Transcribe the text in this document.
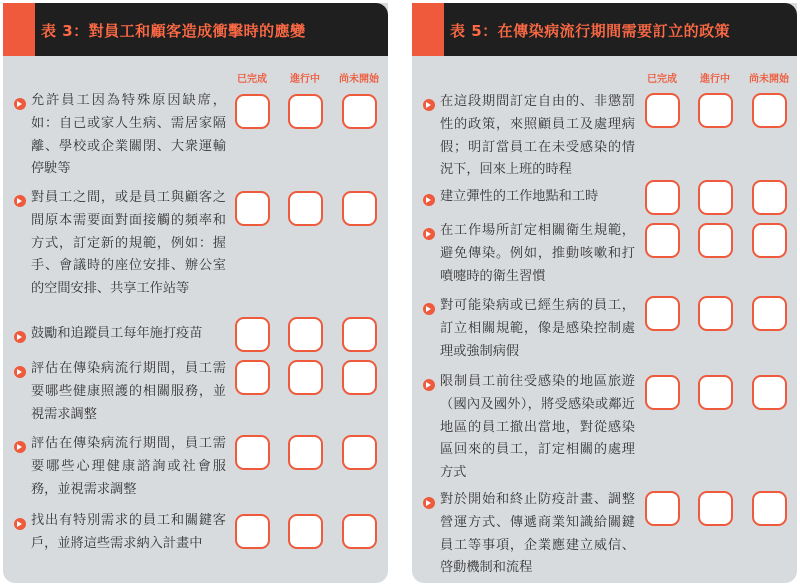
表 3：對員工和顧客造成衝擊時的應變
已完成	進行中	尚未開始
允許員工因為特殊原因缺席，如：自己或家人生病、需居家隔離、學校或企業關閉、大衆運輸停駛等
對員工之間，或是員工與顧客之間原本需要面對面接觸的頻率和方式，訂定新的規範，例如：握手、會議時的座位安排、辦公室的空間安排、共享工作站等
鼓勵和追蹤員工每年施打疫苗
評估在傳染病流行期間，員工需要哪些健康照護的相關服務，並視需求調整
評估在傳染病流行期間，員工需要哪些心理健康諮詢或社會服務，並視需求調整
找出有特別需求的員工和關鍵客戶，並將這些需求納入計畫中
表 5：在傳染病流行期間需要訂立的政策
已完成	進行中	尚未開始
在這段期間訂定自由的、非懲罰性的政策，來照顧員工及處理病假；明訂當員工在未受感染的情況下，回來上班的時程
建立彈性的工作地點和工時
在工作場所訂定相關衛生規範，避免傳染。例如，推動咳嗽和打噴嚏時的衛生習慣
對可能染病或已經生病的員工，訂立相關規範，像是感染控制處理或強制病假
限制員工前往受感染的地區旅遊（國內及國外），將受感染或鄰近地區的員工撤出當地，對從感染區回來的員工，訂定相關的處理方式
對於開始和終止防疫計畫、調整營運方式、傳遞商業知識給關鍵員工等事項，企業應建立威信、啓動機制和流程
